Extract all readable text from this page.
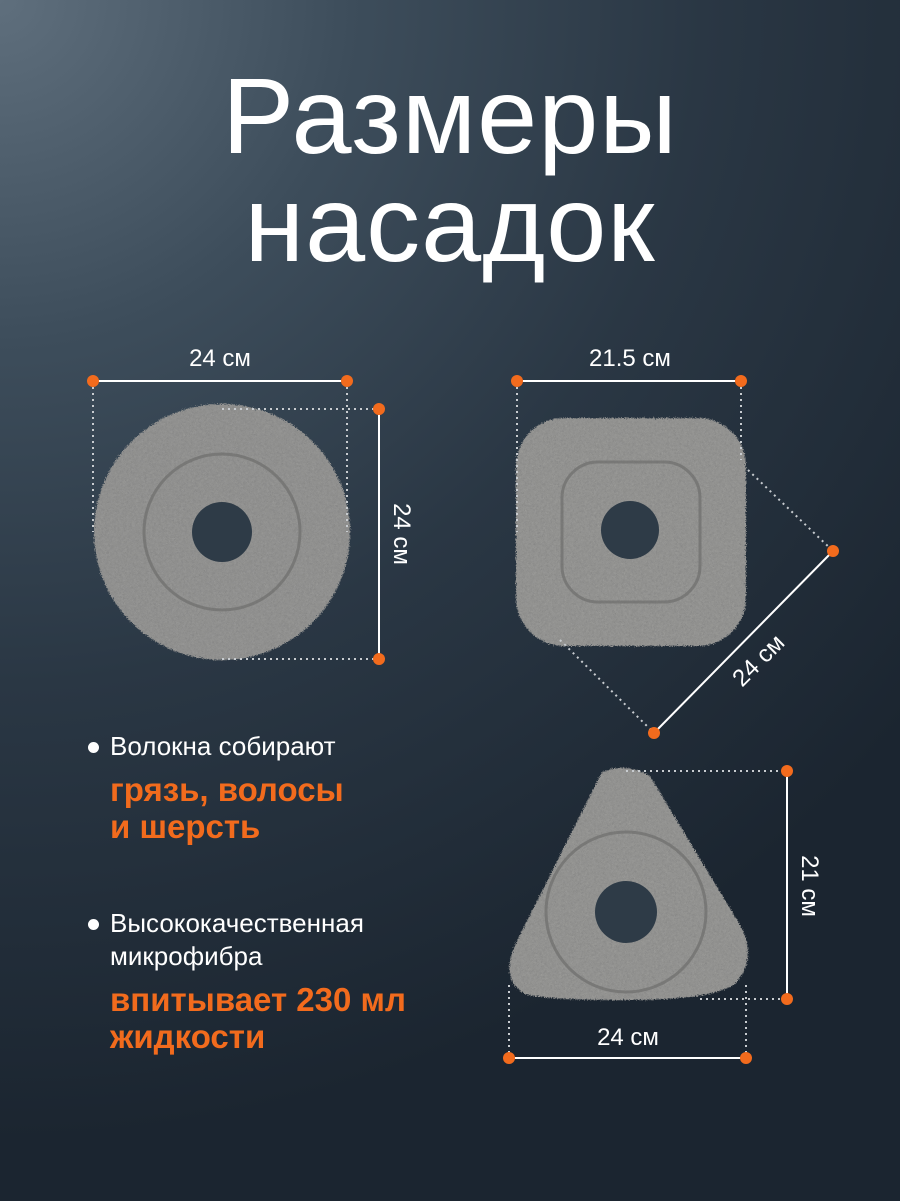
Размеры
насадок
24 см
24 см
21.5 см
24 см
21 см
24 см
Волокна собирают
грязь, волосы
и шерсть
Высококачественная
микрофибра
впитывает 230 мл
жидкости
